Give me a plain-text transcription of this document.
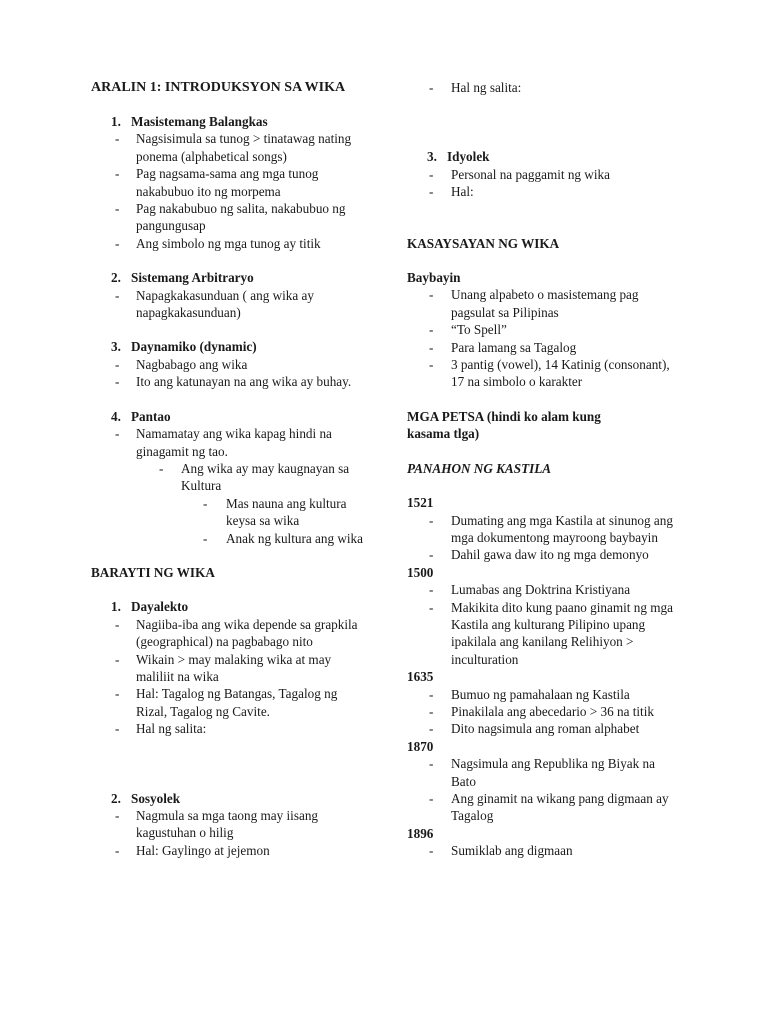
ARALIN 1: INTRODUKSYON SA WIKA
1. Masistemang Balangkas
-	Nagsisimula sa tunog > tinatawag nating ponema (alphabetical songs)
-	Pag nagsama-sama ang mga tunog nakabubuo ito ng morpema
-	Pag nakabubuo ng salita, nakabubuo ng pangungusap
-	Ang simbolo ng mga tunog ay titik
2. Sistemang Arbitraryo
-	Napagkakasunduan ( ang wika ay napagkakasunduan)
3. Daynamiko (dynamic)
-	Nagbabago ang wika
-	Ito ang katunayan na ang wika ay buhay.
4. Pantao
-	Namamatay ang wika kapag hindi na ginagamit ng tao.
-	Ang wika ay may kaugnayan sa Kultura
-	Mas nauna ang kultura keysa sa wika
-	Anak ng kultura ang wika
BARAYTI NG WIKA
1. Dayalekto
-	Nagiiba-iba ang wika depende sa grapkila (geographical) na pagbabago nito
-	Wikain > may malaking wika at may maliliit na wika
-	Hal: Tagalog ng Batangas, Tagalog ng Rizal, Tagalog ng Cavite.
-	Hal ng salita:
2. Sosyolek
-	Nagmula sa mga taong may iisang kagustuhan o hilig
-	Hal: Gaylingo at jejemon
-	Hal ng salita:
3. Idyolek
-	Personal na paggamit ng wika
-	Hal:
KASAYSAYAN NG WIKA
Baybayin
-	Unang alpabeto o masistemang pag pagsulat sa Pilipinas
-	“To Spell”
-	Para lamang sa Tagalog
-	3 pantig (vowel), 14 Katinig (consonant), 17 na simbolo o karakter
MGA PETSA (hindi ko alam kung kasama tlga)
PANAHON NG KASTILA
1521
-	Dumating ang mga Kastila at sinunog ang mga dokumentong mayroong baybayin
-	Dahil gawa daw ito ng mga demonyo
1500
-	Lumabas ang Doktrina Kristiyana
-	Makikita dito kung paano ginamit ng mga Kastila ang kulturang Pilipino upang ipakilala ang kanilang Relihiyon > inculturation
1635
-	Bumuo ng pamahalaan ng Kastila
-	Pinakilala ang abecedario > 36 na titik
-	Dito nagsimula ang roman alphabet
1870
-	Nagsimula ang Republika ng Biyak na Bato
-	Ang ginamit na wikang pang digmaan ay Tagalog
1896
-	Sumiklab ang digmaan
